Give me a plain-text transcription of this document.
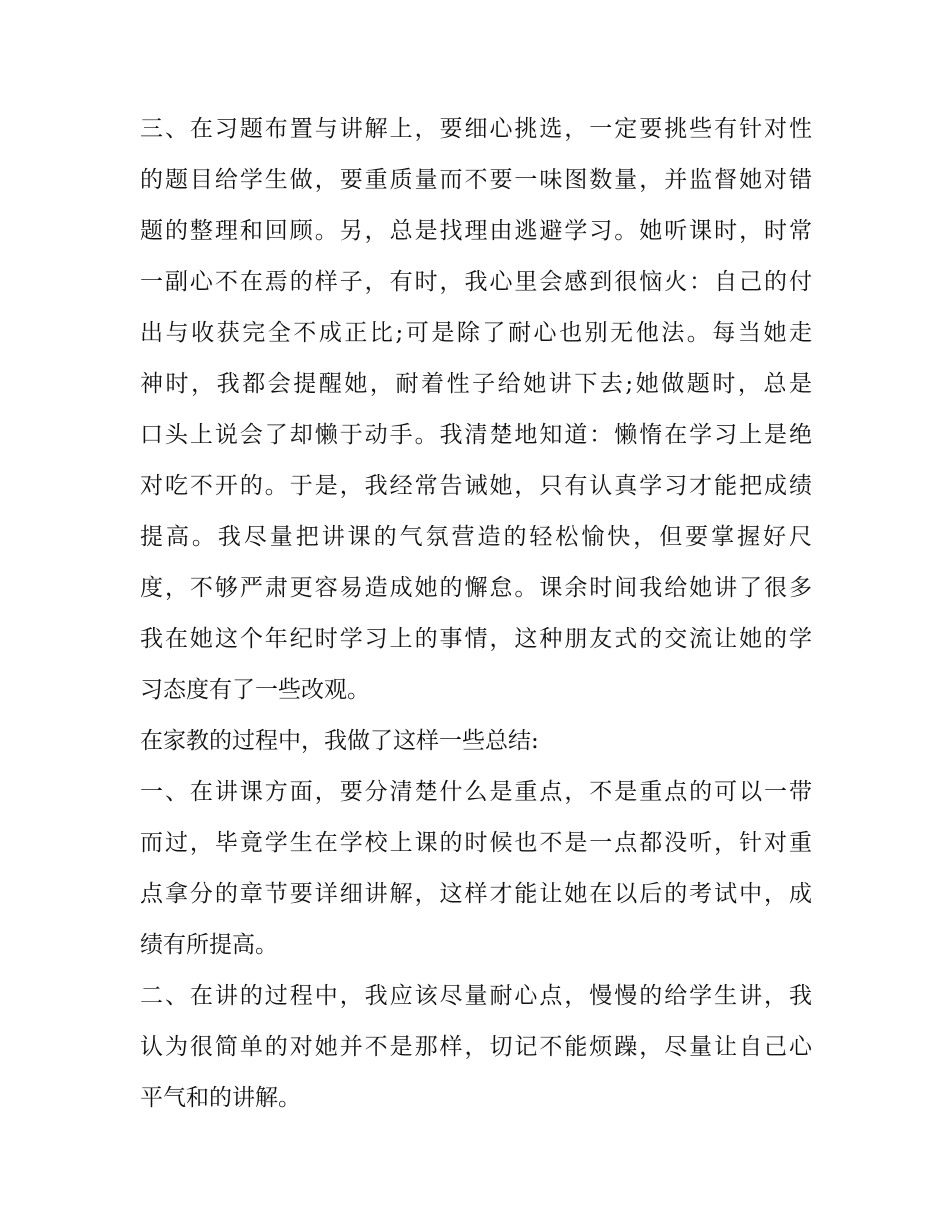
三、在习题布置与讲解上，要细心挑选，一定要挑些有针对性
的题目给学生做，要重质量而不要一味图数量，并监督她对错
题的整理和回顾。另，总是找理由逃避学习。她听课时，时常
一副心不在焉的样子，有时，我心里会感到很恼火：自己的付
出与收获完全不成正比;可是除了耐心也别无他法。每当她走
神时，我都会提醒她，耐着性子给她讲下去;她做题时，总是
口头上说会了却懒于动手。我清楚地知道：懒惰在学习上是绝
对吃不开的。于是，我经常告诫她，只有认真学习才能把成绩
提高。我尽量把讲课的气氛营造的轻松愉快，但要掌握好尺
度，不够严肃更容易造成她的懈怠。课余时间我给她讲了很多
我在她这个年纪时学习上的事情，这种朋友式的交流让她的学
习态度有了一些改观。
在家教的过程中，我做了这样一些总结:
一、在讲课方面，要分清楚什么是重点，不是重点的可以一带
而过，毕竟学生在学校上课的时候也不是一点都没听，针对重
点拿分的章节要详细讲解，这样才能让她在以后的考试中，成
绩有所提高。
二、在讲的过程中，我应该尽量耐心点，慢慢的给学生讲，我
认为很简单的对她并不是那样，切记不能烦躁，尽量让自己心
平气和的讲解。
